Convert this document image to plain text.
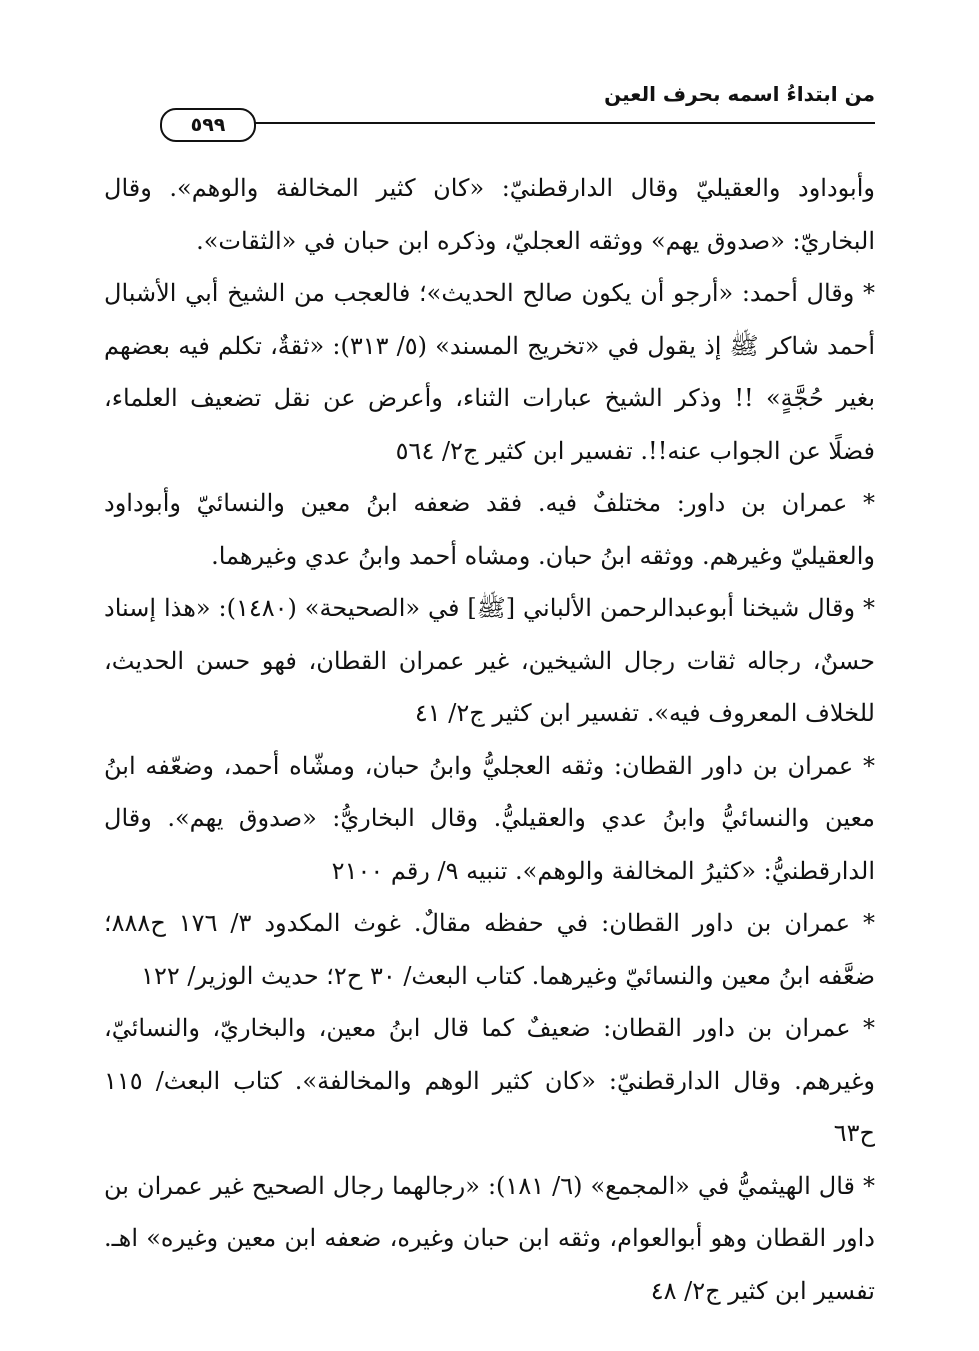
من ابتداءُ اسمه بحرف العين
٥٩٩

وأبوداود والعقيليّ وقال الدارقطنيّ: «كان كثير المخالفة والوهم». وقال البخاريّ: «صدوق يهم» ووثقه العجليّ، وذكره ابن حبان في «الثقات».

* وقال أحمد: «أرجو أن يكون صالح الحديث»؛ فالعجب من الشيخ أبي الأشبال أحمد شاكر ﷺ إذ يقول في «تخريج المسند» (٥/ ٣١٣): «ثقةٌ، تكلم فيه بعضهم بغير حُجَّةٍ» !! وذكر الشيخ عبارات الثناء، وأعرض عن نقل تضعيف العلماء، فضلًا عن الجواب عنه!!. تفسير ابن كثير ج٢/ ٥٦٤

* عمران بن داور: مختلفٌ فيه. فقد ضعفه ابنُ معين والنسائيّ وأبوداود والعقيليّ وغيرهم. ووثقه ابنُ حبان. ومشاه أحمد وابنُ عدي وغيرهما.

* وقال شيخنا أبوعبدالرحمن الألباني [ﷺ] في «الصحيحة» (١٤٨٠): «هذا إسناد حسنٌ، رجاله ثقات رجال الشيخين، غير عمران القطان، فهو حسن الحديث، للخلاف المعروف فيه». تفسير ابن كثير ج٢/ ٤١

* عمران بن داور القطان: وثقه العجليُّ وابنُ حبان، ومشّاه أحمد، وضعّفه ابنُ معين والنسائيُّ وابنُ عدي والعقيليُّ. وقال البخاريُّ: «صدوق يهم». وقال الدارقطنيُّ: «كثيرُ المخالفة والوهم». تنبيه ٩/ رقم ٢١٠٠

* عمران بن داور القطان: في حفظه مقالٌ. غوث المكدود ٣/ ١٧٦ ح٨٨٨؛ ضعَّفه ابنُ معين والنسائيّ وغيرهما. كتاب البعث/ ٣٠ ح٢؛ حديث الوزير/ ١٢٢

* عمران بن داور القطان: ضعيفٌ كما قال ابنُ معين، والبخاريّ، والنسائيّ، وغيرهم. وقال الدارقطنيّ: «كان كثير الوهم والمخالفة». كتاب البعث/ ١١٥ ح٦٣

* قال الهيثميُّ في «المجمع» (٦/ ١٨١): «رجالهما رجال الصحيح غير عمران بن داور القطان وهو أبوالعوام، وثقه ابن حبان وغيره، ضعفه ابن معين وغيره» اهـ. تفسير ابن كثير ج٢/ ٤٨
